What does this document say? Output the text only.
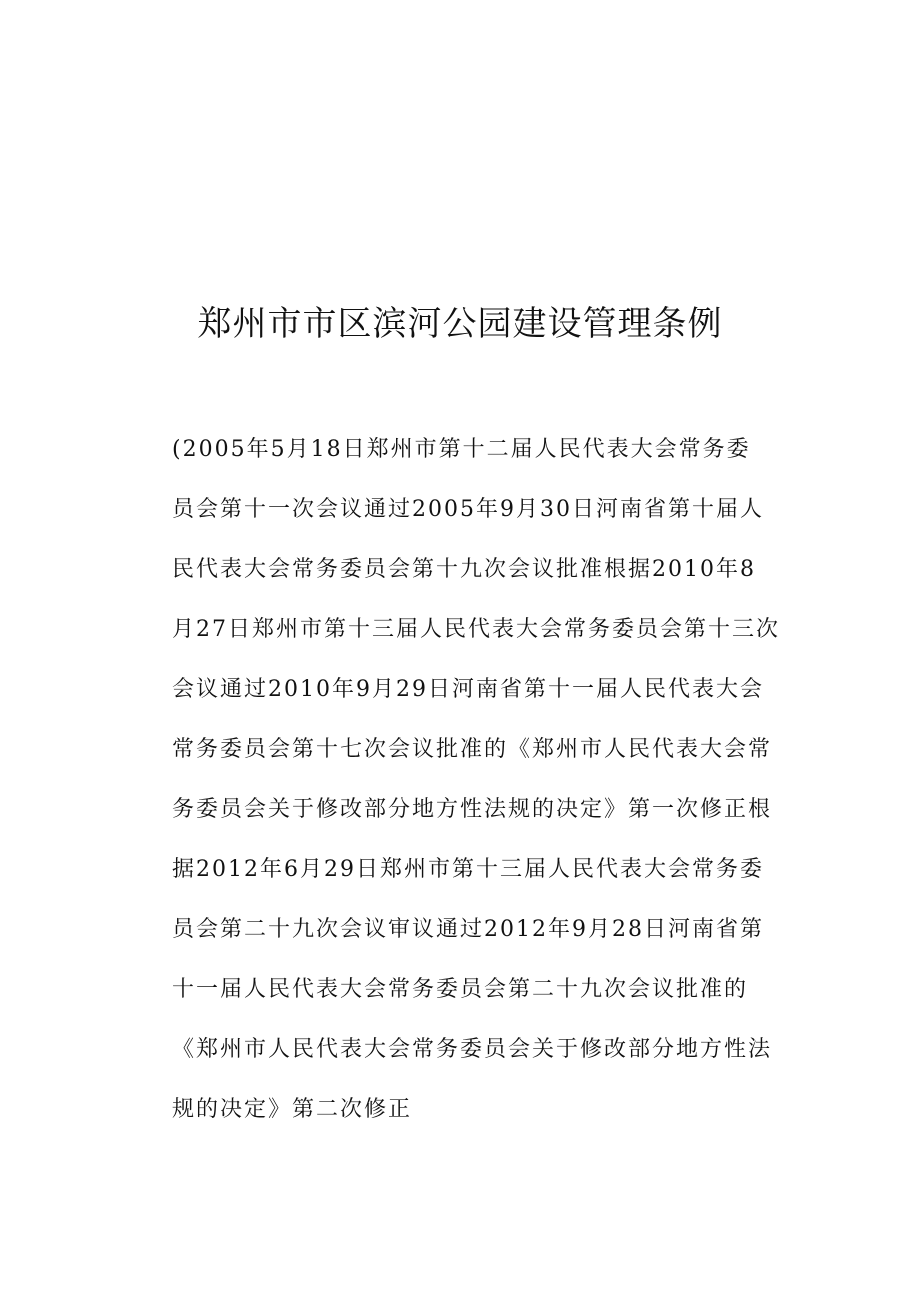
郑州市市区滨河公园建设管理条例
(2005年5月18日郑州市第十二届人民代表大会常务委
员会第十一次会议通过2005年9月30日河南省第十届人
民代表大会常务委员会第十九次会议批准根据2010年8
月27日郑州市第十三届人民代表大会常务委员会第十三次
会议通过2010年9月29日河南省第十一届人民代表大会
常务委员会第十七次会议批准的《郑州市人民代表大会常
务委员会关于修改部分地方性法规的决定》第一次修正根
据2012年6月29日郑州市第十三届人民代表大会常务委
员会第二十九次会议审议通过2012年9月28日河南省第
十一届人民代表大会常务委员会第二十九次会议批准的
《郑州市人民代表大会常务委员会关于修改部分地方性法
规的决定》第二次修正
